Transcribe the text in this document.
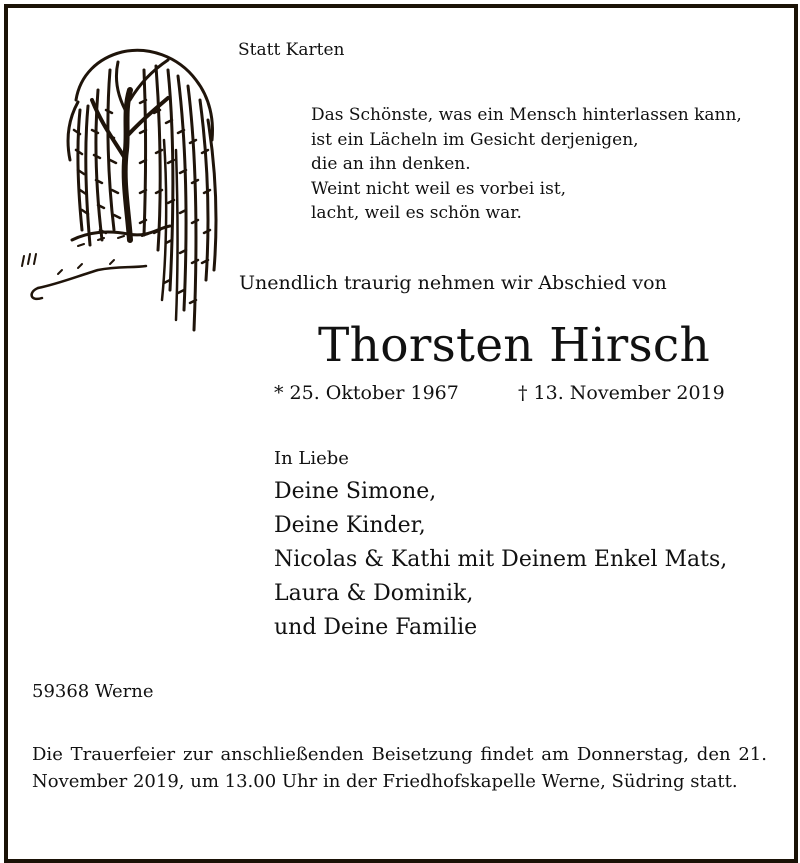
Statt Karten
Das Schönste, was ein Mensch hinterlassen kann,
ist ein Lächeln im Gesicht derjenigen,
die an ihn denken.
Weint nicht weil es vorbei ist,
lacht, weil es schön war.
Unendlich traurig nehmen wir Abschied von
Thorsten Hirsch
* 25. Oktober 1967	† 13. November 2019
In Liebe
Deine Simone,
Deine Kinder,
Nicolas & Kathi mit Deinem Enkel Mats,
Laura & Dominik,
und Deine Familie
59368 Werne
Die Trauerfeier zur anschließenden Beisetzung findet am Donnerstag, den 21. November 2019, um 13.00 Uhr in der Friedhofskapelle Werne, Südring statt.
